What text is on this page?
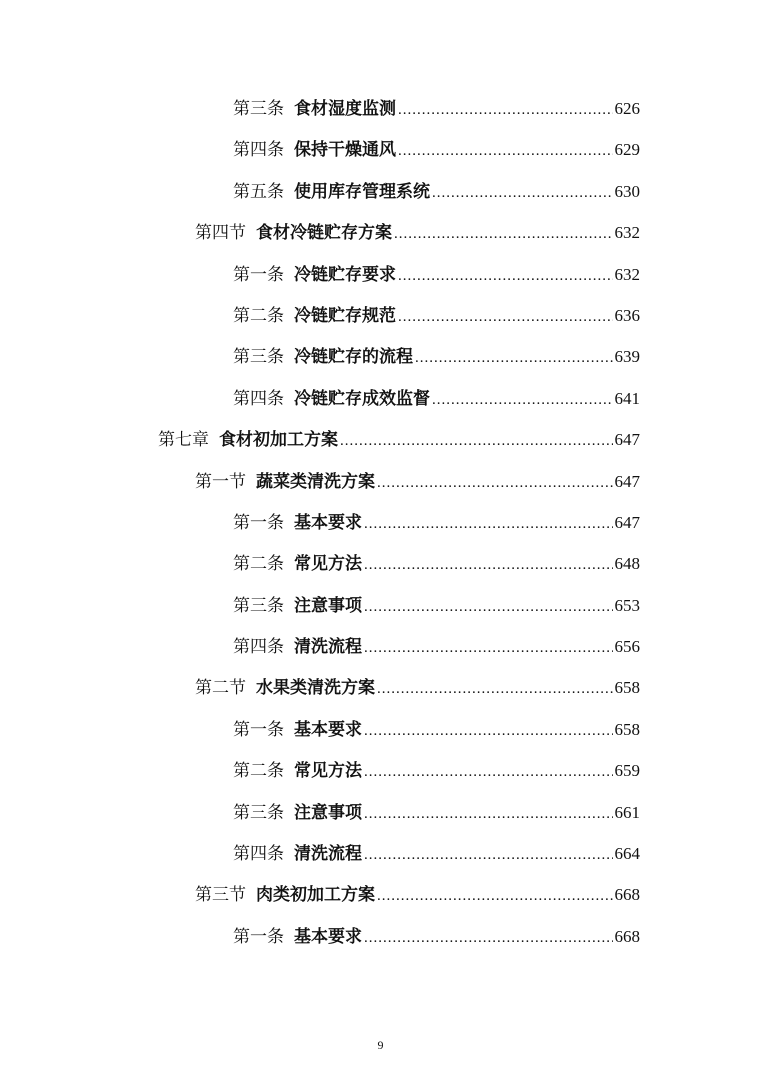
第三条 食材湿度监测 .....	626
第四条 保持干燥通风 .....	629
第五条 使用库存管理系统 .....	630
第四节 食材冷链贮存方案 .....	632
第一条 冷链贮存要求 .....	632
第二条 冷链贮存规范 .....	636
第三条 冷链贮存的流程 .....	639
第四条 冷链贮存成效监督 .....	641
第七章 食材初加工方案 .....	647
第一节 蔬菜类清洗方案 .....	647
第一条 基本要求 .....	647
第二条 常见方法 .....	648
第三条 注意事项 .....	653
第四条 清洗流程 .....	656
第二节 水果类清洗方案 .....	658
第一条 基本要求 .....	658
第二条 常见方法 .....	659
第三条 注意事项 .....	661
第四条 清洗流程 .....	664
第三节 肉类初加工方案 .....	668
第一条 基本要求 .....	668
9
